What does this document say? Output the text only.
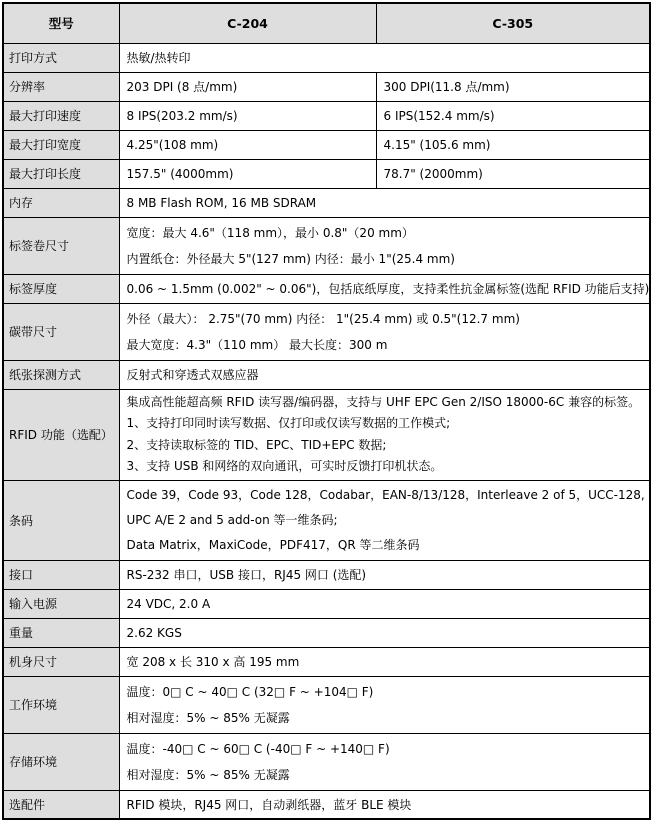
型号	C-204	C-305
打印方式	热敏/热转印	
分辨率	203 DPI (8 点/mm)	300 DPI(11.8 点/mm)
最大打印速度	8 IPS(203.2 mm/s)	6 IPS(152.4 mm/s)
最大打印宽度	4.25"(108 mm)	4.15" (105.6 mm)
最大打印长度	157.5" (4000mm)	78.7" (2000mm)
内存	8 MB Flash ROM, 16 MB SDRAM	
标签卷尺寸	宽度：最大 4.6"（118 mm），最小 0.8"（20 mm）
内置纸仓：外径最大 5"(127 mm) 内径：最小 1"(25.4 mm)	

标签厚度	0.06 ~ 1.5mm (0.002" ~ 0.06")，包括底纸厚度，支持柔性抗金属标签(选配 RFID 功能后支持)	
碳带尺寸	外径（最大）： 2.75"(70 mm) 内径： 1"(25.4 mm) 或 0.5"(12.7 mm)
最大宽度：4.3"（110 mm） 最大长度：300 m	

纸张探测方式	反射式和穿透式双感应器	
RFID 功能（选配）	集成高性能超高频 RFID 读写器/编码器，支持与 UHF EPC Gen 2/ISO 18000-6C 兼容的标签。
1、支持打印同时读写数据、仅打印或仅读写数据的工作模式;
2、支持读取标签的 TID、EPC、TID+EPC 数据;
3、支持 USB 和网络的双向通讯，可实时反馈打印机状态。	

条码	Code 39，Code 93，Code 128，Codabar，EAN-8/13/128，Interleave 2 of 5，UCC-128,
UPC A/E 2 and 5 add-on 等一维条码;
Data Matrix，MaxiCode，PDF417，QR 等二维条码	

接口	RS-232 串口，USB 接口，RJ45 网口 (选配)	
输入电源	24 VDC, 2.0 A	
重量	2.62 KGS	
机身尺寸	宽 208 x 长 310 x 高 195 mm	
工作环境	温度：0□ C ~ 40□ C (32□ F ~ +104□ F)
相对湿度：5% ~ 85% 无凝露	

存储环境	温度：-40□ C ~ 60□ C (-40□ F ~ +140□ F)
相对湿度：5% ~ 85% 无凝露	

选配件	RFID 模块，RJ45 网口，自动剥纸器，蓝牙 BLE 模块	
